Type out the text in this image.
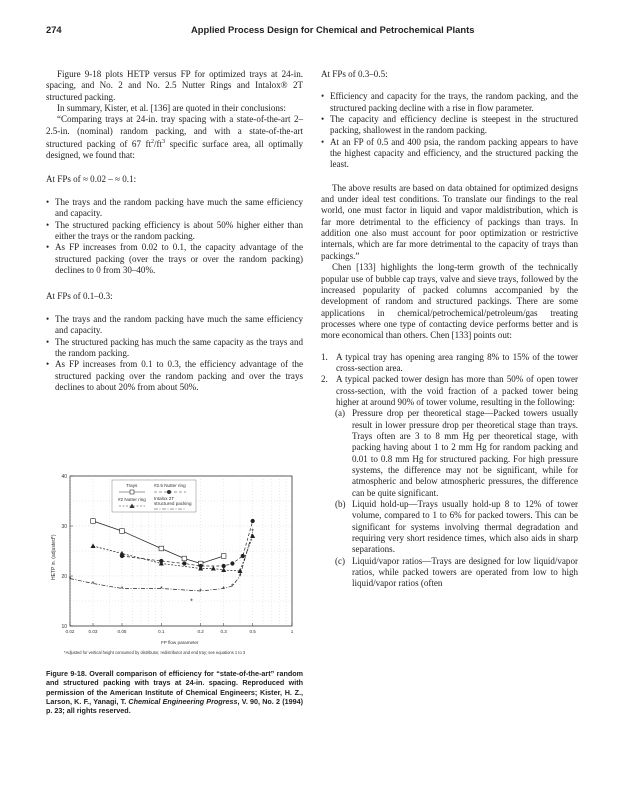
274	Applied Process Design for Chemical and Petrochemical Plants

Figure 9-18 plots HETP versus FP for optimized trays at 24-in. spacing, and No. 2 and No. 2.5 Nutter Rings and Intalox® 2T structured packing.

In summary, Kister, et al. [136] are quoted in their conclusions:

“Comparing trays at 24-in. tray spacing with a state-of-the-art 2–2.5-in. (nominal) random packing, and with a state-of-the-art structured packing of 67 $ft^2/ft^3$ specific surface area, all optimally designed, we found that:

At FPs of ≈ 0.02 – ≈ 0.1:

• The trays and the random packing have much the same efficiency and capacity.

• The structured packing efficiency is about 50% higher either than either the trays or the random packing.

• As FP increases from 0.02 to 0.1, the capacity advantage of the structured packing (over the trays or over the random packing) declines to 0 from 30–40%.

At FPs of 0.1–0.3:

• The trays and the random packing have much the same efficiency and capacity.

• The structured packing has much the same capacity as the trays and the random packing.

• As FP increases from 0.1 to 0.3, the efficiency advantage of the structured packing over the random packing and over the trays declines to about 20% from about 50%.

0.02	0.03	0.05	0.1	0.2	0.3	0.5	1
10
20
30
40
*
*
*	*	*	* *
*
*
*
Trays	#2.5 Nutter ring
#2 Nutter ring Intalox 2T
structured packing
HETP in. (adjusted*)
FP flow parameter
*Adjusted for vertical height consumed by distributor, redistributor and end tray; see equations 1 to 3
Figure 9-18. Overall comparison of efficiency for “state-of-the-art” random and structured packing with trays at 24-in. spacing. Reproduced with permission of the American Institute of Chemical Engineers; Kister, H. Z., Larson, K. F., Yanagi, T. Chemical Engineering Progress, V. 90, No. 2 (1994) p. 23; all rights reserved.

At FPs of 0.3–0.5:

• Efficiency and capacity for the trays, the random packing, and the structured packing decline with a rise in flow parameter.

• The capacity and efficiency decline is steepest in the structured packing, shallowest in the random packing.

• At an FP of 0.5 and 400 psia, the random packing appears to have the highest capacity and efficiency, and the structured packing the least.

The above results are based on data obtained for optimized designs and under ideal test conditions. To translate our findings to the real world, one must factor in liquid and vapor maldistribution, which is far more detrimental to the efficiency of packings than trays. In addition one also must account for poor optimization or restrictive internals, which are far more detrimental to the capacity of trays than packings.”

Chen [133] highlights the long-term growth of the technically popular use of bubble cap trays, valve and sieve trays, followed by the increased popularity of packed columns accompanied by the development of random and structured packings. There are some applications in chemical/petrochemical/petroleum/gas treating processes where one type of contacting device performs better and is more economical than others. Chen [133] points out:

1. A typical tray has opening area ranging 8% to 15% of the tower cross-section area.
2. A typical packed tower design has more than 50% of open tower cross-section, with the void fraction of a packed tower being higher at around 90% of tower volume, resulting in the following:
(a) Pressure drop per theoretical stage—Packed towers usually result in lower pressure drop per theoretical stage than trays. Trays often are 3 to 8 mm Hg per theoretical stage, with packing having about 1 to 2 mm Hg for random packing and 0.01 to 0.8 mm Hg for structured packing. For high pressure systems, the difference may not be significant, while for atmospheric and below atmospheric pressures, the difference can be quite significant.
(b) Liquid hold-up—Trays usually hold-up 8 to 12% of tower volume, compared to 1 to 6% for packed towers. This can be significant for systems involving thermal degradation and requiring very short residence times, which also aids in sharp separations.
(c) Liquid/vapor ratios—Trays are designed for low liquid/vapor ratios, while packed towers are operated from low to high liquid/vapor ratios (often
